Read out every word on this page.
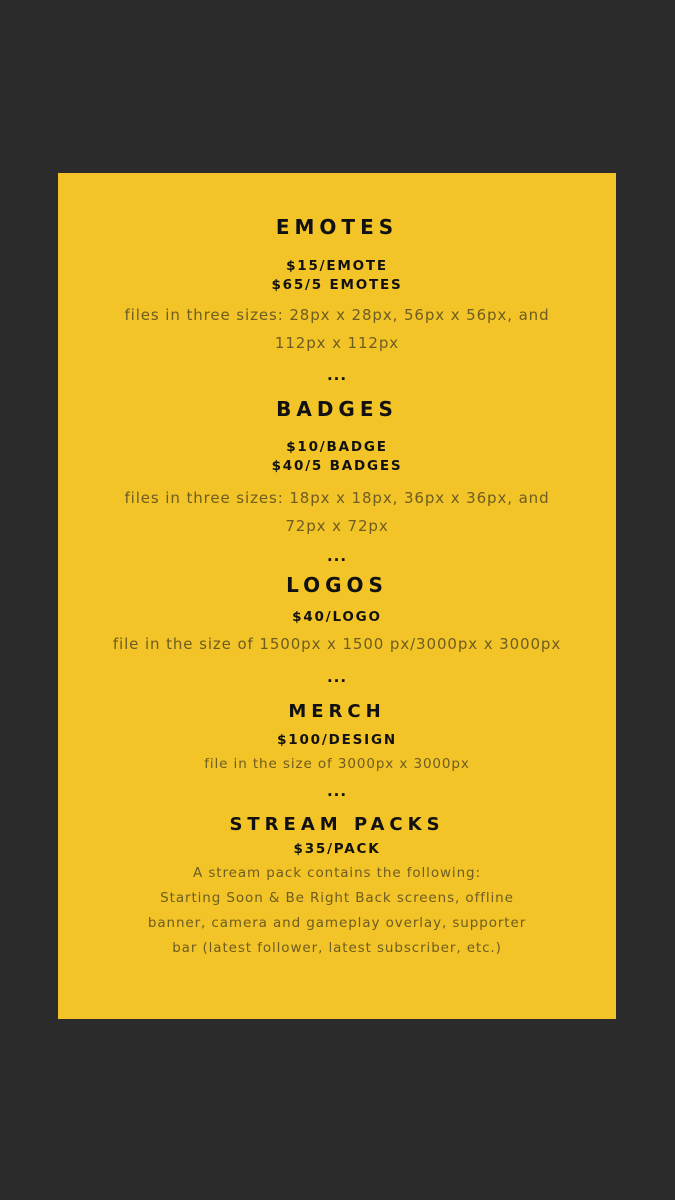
EMOTES

$15/EMOTE

$65/5 EMOTES

files in three sizes: 28px x 28px, 56px x 56px, and

112px x 112px

...

BADGES

$10/BADGE

$40/5 BADGES

files in three sizes: 18px x 18px, 36px x 36px, and

72px x 72px

...

LOGOS

$40/LOGO

file in the size of 1500px x 1500 px/3000px x 3000px

...

MERCH

$100/DESIGN

file in the size of 3000px x 3000px

...

STREAM PACKS

$35/PACK

A stream pack contains the following:

Starting Soon & Be Right Back screens, offline

banner, camera and gameplay overlay, supporter

bar (latest follower, latest subscriber, etc.)
